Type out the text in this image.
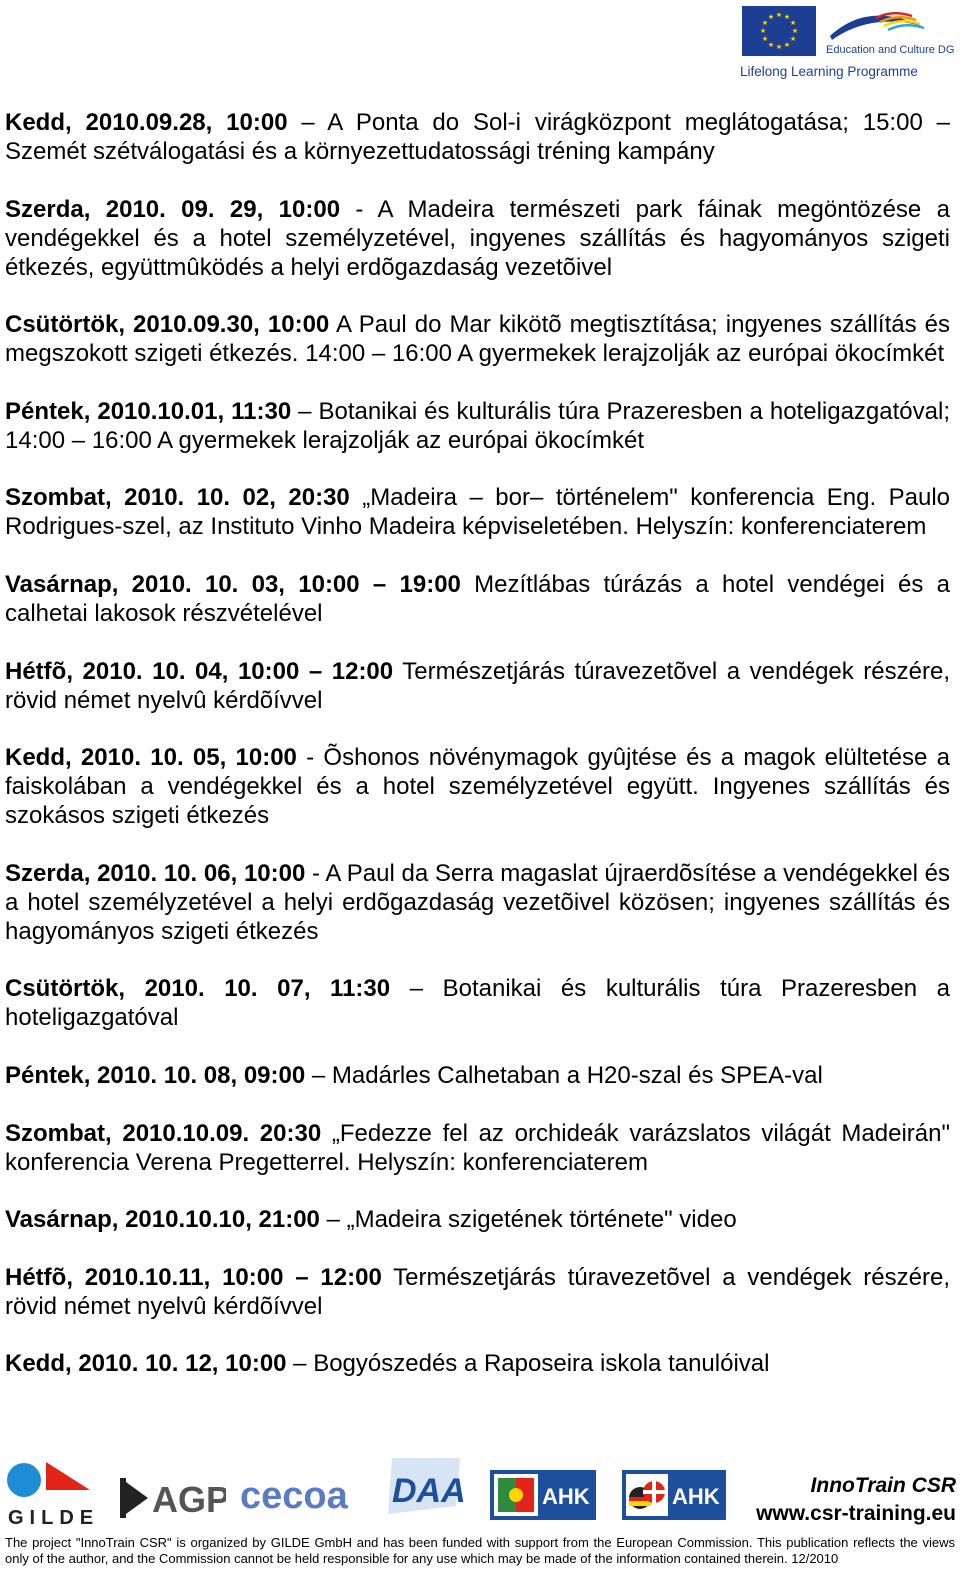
★ ★
★
★
★
★
★
★
★
★
★
★
Education and Culture DG
Lifelong Learning Programme

Kedd, 2010.09.28, 10:00 – A Ponta do Sol-i virágközpont meglátogatása; 15:00 – Szemét szétválogatási és a környezettudatossági tréning kampány

Szerda, 2010. 09. 29, 10:00 - A Madeira természeti park fáinak megöntözése a vendégekkel és a hotel személyzetével, ingyenes szállítás és hagyományos szigeti étkezés, együttmûködés a helyi erdõgazdaság vezetõivel

Csütörtök, 2010.09.30, 10:00 A Paul do Mar kikötõ megtisztítása; ingyenes szállítás és megszokott szigeti étkezés. 14:00 – 16:00 A gyermekek lerajzolják az európai ökocímkét

Péntek, 2010.10.01, 11:30 – Botanikai és kulturális túra Prazeresben a hoteligazgatóval; 14:00 – 16:00 A gyermekek lerajzolják az európai ökocímkét

Szombat, 2010. 10. 02, 20:30 „Madeira – bor– történelem" konferencia Eng. Paulo Rodrigues-szel, az Instituto Vinho Madeira képviseletében. Helyszín: konferenciaterem

Vasárnap, 2010. 10. 03, 10:00 – 19:00 Mezítlábas túrázás a hotel vendégei és a calhetai lakosok részvételével

Hétfõ, 2010. 10. 04, 10:00 – 12:00 Természetjárás túravezetõvel a vendégek részére, rövid német nyelvû kérdõívvel

Kedd, 2010. 10. 05, 10:00 - Õshonos növénymagok gyûjtése és a magok elültetése a faiskolában a vendégekkel és a hotel személyzetével együtt. Ingyenes szállítás és szokásos szigeti étkezés

Szerda, 2010. 10. 06, 10:00 - A Paul da Serra magaslat újraerdõsítése a vendégekkel és a hotel személyzetével a helyi erdõgazdaság vezetõivel közösen; ingyenes szállítás és hagyományos szigeti étkezés

Csütörtök, 2010. 10. 07, 11:30 – Botanikai és kulturális túra Prazeresben a hoteligazgatóval

Péntek, 2010. 10. 08, 09:00 – Madárles Calhetaban a H20-szal és SPEA-val

Szombat, 2010.10.09. 20:30 „Fedezze fel az orchideák varázslatos világát Madeirán" konferencia Verena Pregetterrel. Helyszín: konferenciaterem

Vasárnap, 2010.10.10, 21:00 – „Madeira szigetének története" video

Hétfõ, 2010.10.11, 10:00 – 12:00 Természetjárás túravezetõvel a vendégek részére, rövid német nyelvû kérdõívvel

Kedd, 2010. 10. 12, 10:00 – Bogyószedés a Raposeira iskola tanulóival

GILDE AGP cecoa DAA	AHK	AHK	InnoTrain CSR
www.csr-training.eu
The project "InnoTrain CSR" is organized by GILDE GmbH and has been funded with support from the European Commission. This publication reflects the views only of the author, and the Commission cannot be held responsible for any use which may be made of the information contained therein. 12/2010
